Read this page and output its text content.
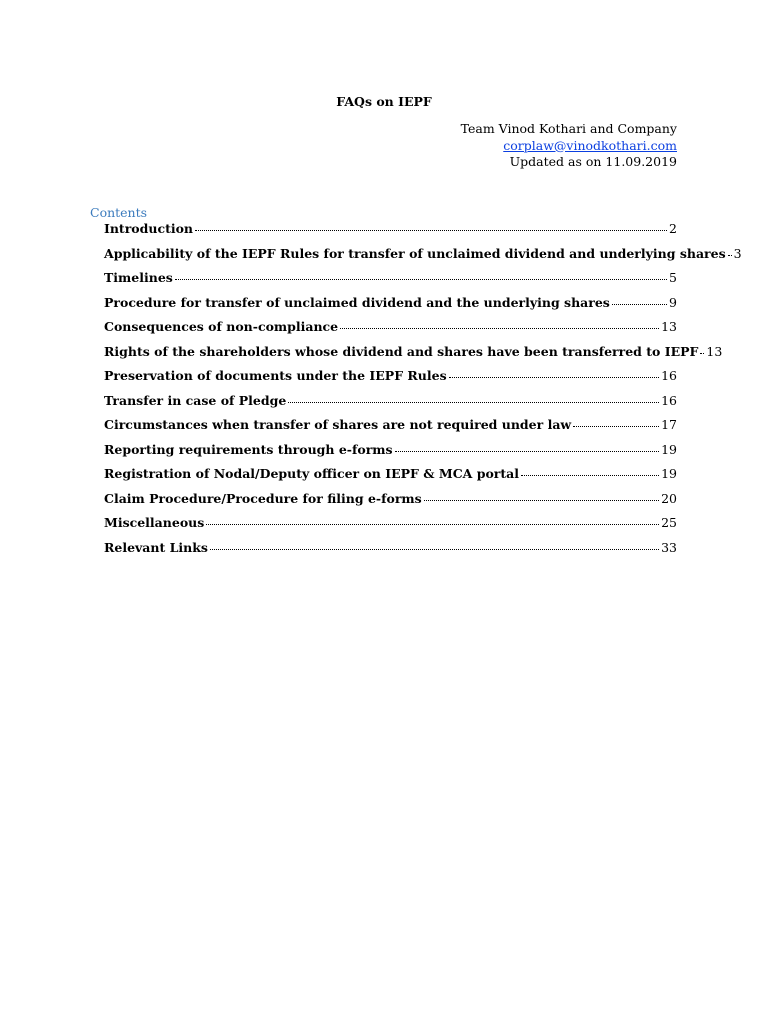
FAQs on IEPF
Team Vinod Kothari and Company
corplaw@vinodkothari.com
Updated as on 11.09.2019
Contents
Introduction	2
Applicability of the IEPF Rules for transfer of unclaimed dividend and underlying shares 3
Timelines	5
Procedure for transfer of unclaimed dividend and the underlying shares	9
Consequences of non-compliance	13
Rights of the shareholders whose dividend and shares have been transferred to IEPF 13
Preservation of documents under the IEPF Rules	16
Transfer in case of Pledge	16
Circumstances when transfer of shares are not required under law	17
Reporting requirements through e-forms	19
Registration of Nodal/Deputy officer on IEPF & MCA portal	19
Claim Procedure/Procedure for filing e-forms	20
Miscellaneous	25
Relevant Links	33
